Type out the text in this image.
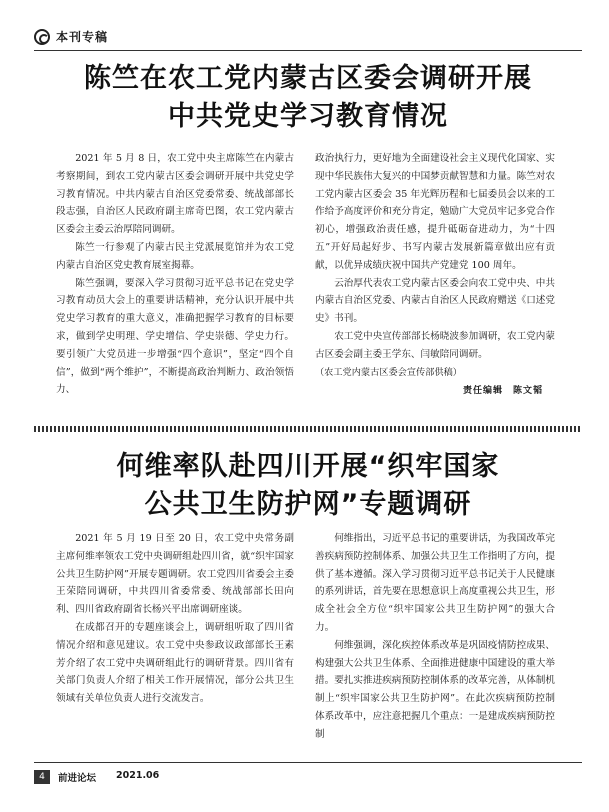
本刊专稿
陈竺在农工党内蒙古区委会调研开展
中共党史学习教育情况

2021 年 5 月 8 日，农工党中央主席陈竺在内蒙古考察期间，到农工党内蒙古区委会调研开展中共党史学习教育情况。中共内蒙古自治区党委常委、统战部部长段志强，自治区人民政府副主席奇巴图，农工党内蒙古区委会主委云治厚陪同调研。

陈竺一行参观了内蒙古民主党派展览馆并为农工党内蒙古自治区党史教育展室揭幕。

陈竺强调，要深入学习贯彻习近平总书记在党史学习教育动员大会上的重要讲话精神，充分认识开展中共党史学习教育的重大意义，准确把握学习教育的目标要求，做到学史明理、学史增信、学史崇德、学史力行。要引领广大党员进一步增强“四个意识”，坚定“四个自信”，做到“两个维护”，不断提高政治判断力、政治领悟力、

政治执行力，更好地为全面建设社会主义现代化国家、实现中华民族伟大复兴的中国梦贡献智慧和力量。陈竺对农工党内蒙古区委会 35 年光辉历程和七届委员会以来的工作给予高度评价和充分肯定，勉励广大党员牢记多党合作初心，增强政治责任感，提升砥砺奋进动力，为“十四五”开好局起好步、书写内蒙古发展新篇章做出应有贡献，以优异成绩庆祝中国共产党建党 100 周年。

云治厚代表农工党内蒙古区委会向农工党中央、中共内蒙古自治区党委、内蒙古自治区人民政府赠送《口述党史》书刊。

农工党中央宣传部部长杨晓波参加调研，农工党内蒙古区委会副主委王学东、闫敏陪同调研。

（农工党内蒙古区委会宣传部供稿）

责任编辑　陈文韬
何维率队赴四川开展“织牢国家
公共卫生防护网”专题调研

2021 年 5 月 19 日至 20 日，农工党中央常务副主席何维率领农工党中央调研组赴四川省，就“织牢国家公共卫生防护网”开展专题调研。农工党四川省委会主委王荣陪同调研，中共四川省委常委、统战部部长田向利、四川省政府副省长杨兴平出席调研座谈。

在成都召开的专题座谈会上，调研组听取了四川省情况介绍和意见建议。农工党中央参政议政部部长王素芳介绍了农工党中央调研组此行的调研背景。四川省有关部门负责人介绍了相关工作开展情况，部分公共卫生领域有关单位负责人进行交流发言。

何维指出，习近平总书记的重要讲话，为我国改革完善疾病预防控制体系、加强公共卫生工作指明了方向，提供了基本遵循。深入学习贯彻习近平总书记关于人民健康的系列讲话，首先要在思想意识上高度重视公共卫生，形成全社会全方位“织牢国家公共卫生防护网”的强大合力。

何维强调，深化疾控体系改革是巩固疫情防控成果、构建强大公共卫生体系、全面推进健康中国建设的重大举措。要扎实推进疾病预防控制体系的改革完善，从体制机制上“织牢国家公共卫生防护网”。在此次疾病预防控制体系改革中，应注意把握几个重点：一是建成疾病预防控制

4	前进论坛 2021.06
